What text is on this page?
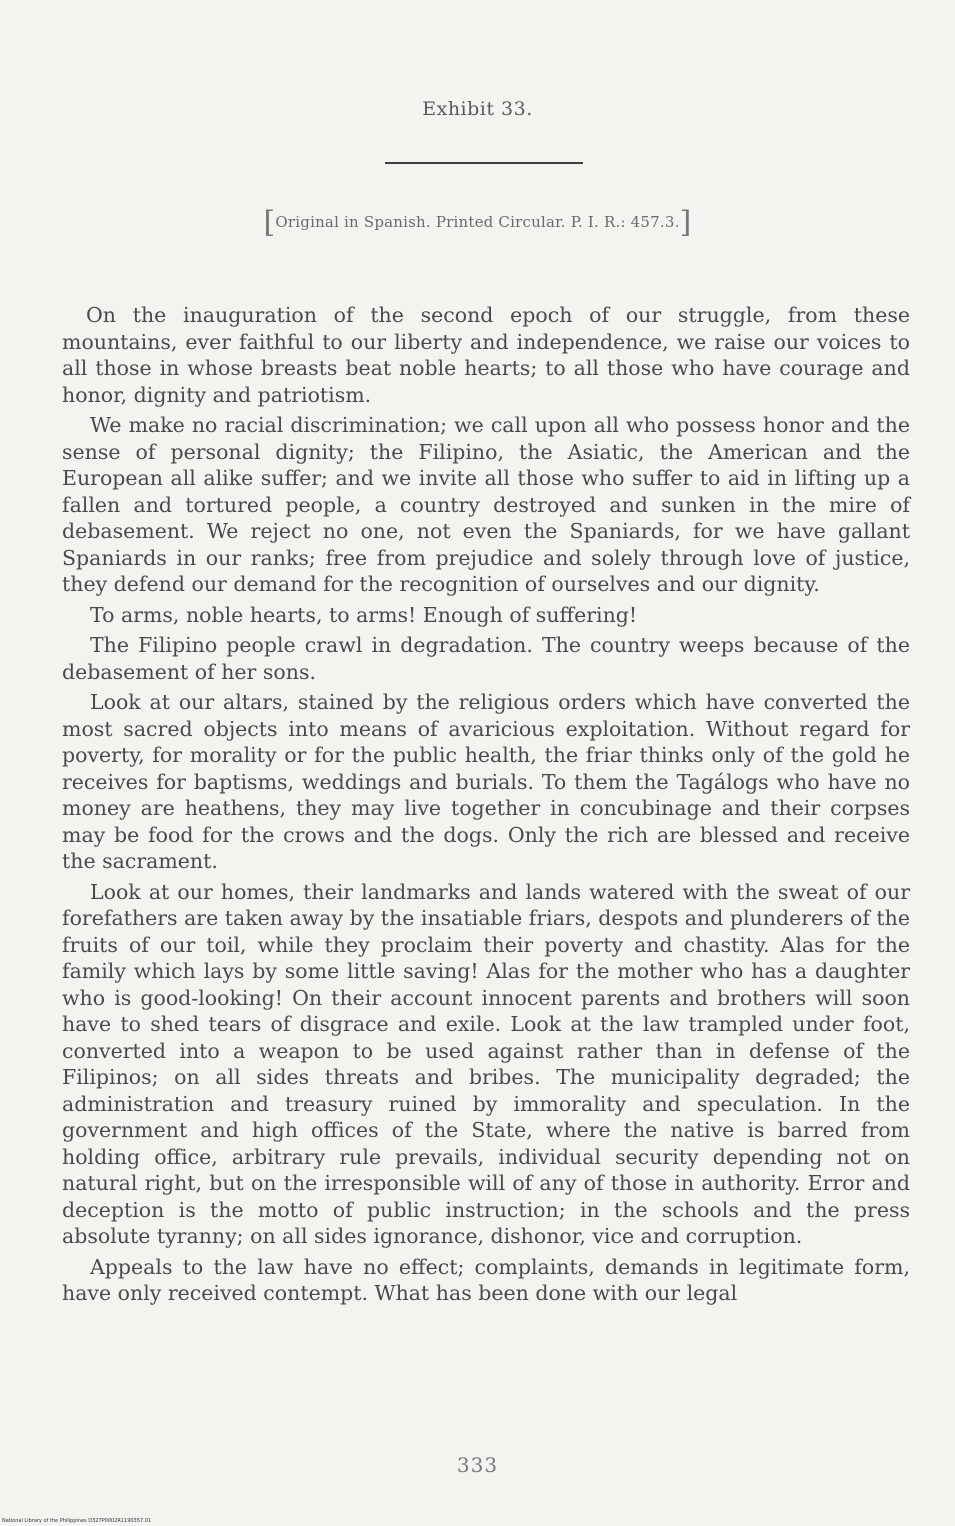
Exhibit 33.
[Original in Spanish. Printed Circular. P. I. R.: 457.3.]

On the inauguration of the second epoch of our struggle, from these mountains, ever faithful to our liberty and independence, we raise our voices to all those in whose breasts beat noble hearts; to all those who have courage and honor, dignity and patriotism.

We make no racial discrimination; we call upon all who possess honor and the sense of personal dignity; the Filipino, the Asiatic, the American and the European all alike suffer; and we invite all those who suffer to aid in lifting up a fallen and tortured people, a country destroyed and sunken in the mire of debasement. We reject no one, not even the Spaniards, for we have gallant Spaniards in our ranks; free from prejudice and solely through love of justice, they defend our demand for the recognition of ourselves and our dignity.

To arms, noble hearts, to arms! Enough of suffering!

The Filipino people crawl in degradation. The country weeps because of the debasement of her sons.

Look at our altars, stained by the religious orders which have converted the most sacred objects into means of avaricious exploitation. Without regard for poverty, for morality or for the public health, the friar thinks only of the gold he receives for baptisms, weddings and burials. To them the Tagálogs who have no money are heathens, they may live together in concubinage and their corpses may be food for the crows and the dogs. Only the rich are blessed and receive the sacrament.

Look at our homes, their landmarks and lands watered with the sweat of our forefathers are taken away by the insatiable friars, despots and plunderers of the fruits of our toil, while they proclaim their poverty and chastity. Alas for the family which lays by some little saving! Alas for the mother who has a daughter who is good-looking! On their account innocent parents and brothers will soon have to shed tears of disgrace and exile. Look at the law trampled under foot, converted into a weapon to be used against rather than in defense of the Filipinos; on all sides threats and bribes. The municipality degraded; the administration and treasury ruined by immorality and speculation. In the government and high offices of the State, where the native is barred from holding office, arbitrary rule prevails, individual security depending not on natural right, but on the irresponsible will of any of those in authority. Error and deception is the motto of public instruction; in the schools and the press absolute tyranny; on all sides ignorance, dishonor, vice and corruption.

Appeals to the law have no effect; complaints, demands in legitimate form, have only received contempt. What has been done with our legal

333
National Library of the Philippines D327P0002R1190357.01
